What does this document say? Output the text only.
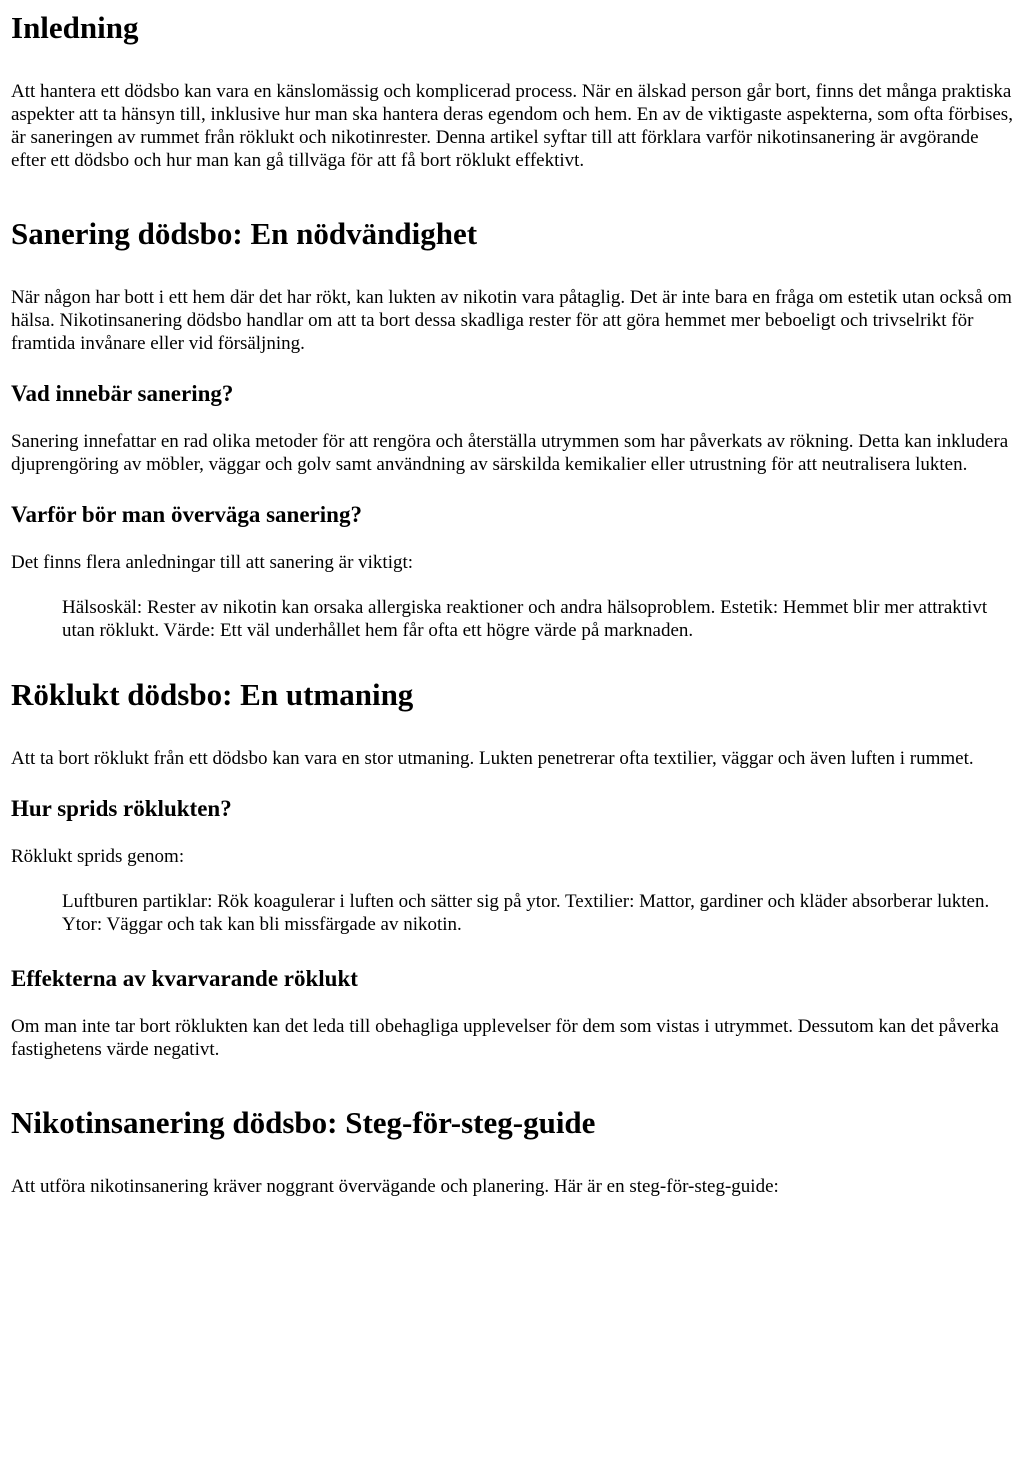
Inledning

Att hantera ett dödsbo kan vara en känslomässig och komplicerad process. När en älskad person går bort, finns det många praktiska aspekter att ta hänsyn till, inklusive hur man ska hantera deras egendom och hem. En av de viktigaste aspekterna, som ofta förbises, är saneringen av rummet från röklukt och nikotinrester. Denna artikel syftar till att förklara varför nikotinsanering är avgörande efter ett dödsbo och hur man kan gå tillväga för att få bort röklukt effektivt.

Sanering dödsbo: En nödvändighet

När någon har bott i ett hem där det har rökt, kan lukten av nikotin vara påtaglig. Det är inte bara en fråga om estetik utan också om hälsa. Nikotinsanering dödsbo handlar om att ta bort dessa skadliga rester för att göra hemmet mer beboeligt och trivselrikt för framtida invånare eller vid försäljning.

Vad innebär sanering?

Sanering innefattar en rad olika metoder för att rengöra och återställa utrymmen som har påverkats av rökning. Detta kan inkludera djuprengöring av möbler, väggar och golv samt användning av särskilda kemikalier eller utrustning för att neutralisera lukten.

Varför bör man överväga sanering?

Det finns flera anledningar till att sanering är viktigt:

Hälsoskäl: Rester av nikotin kan orsaka allergiska reaktioner och andra hälsoproblem. Estetik: Hemmet blir mer attraktivt utan röklukt. Värde: Ett väl underhållet hem får ofta ett högre värde på marknaden.
Röklukt dödsbo: En utmaning

Att ta bort röklukt från ett dödsbo kan vara en stor utmaning. Lukten penetrerar ofta textilier, väggar och även luften i rummet.

Hur sprids röklukten?

Röklukt sprids genom:

Luftburen partiklar: Rök koagulerar i luften och sätter sig på ytor. Textilier: Mattor, gardiner och kläder absorberar lukten. Ytor: Väggar och tak kan bli missfärgade av nikotin.
Effekterna av kvarvarande röklukt

Om man inte tar bort röklukten kan det leda till obehagliga upplevelser för dem som vistas i utrymmet. Dessutom kan det påverka fastighetens värde negativt.

Nikotinsanering dödsbo: Steg-för-steg-guide

Att utföra nikotinsanering kräver noggrant övervägande och planering. Här är en steg-för-steg-guide:
